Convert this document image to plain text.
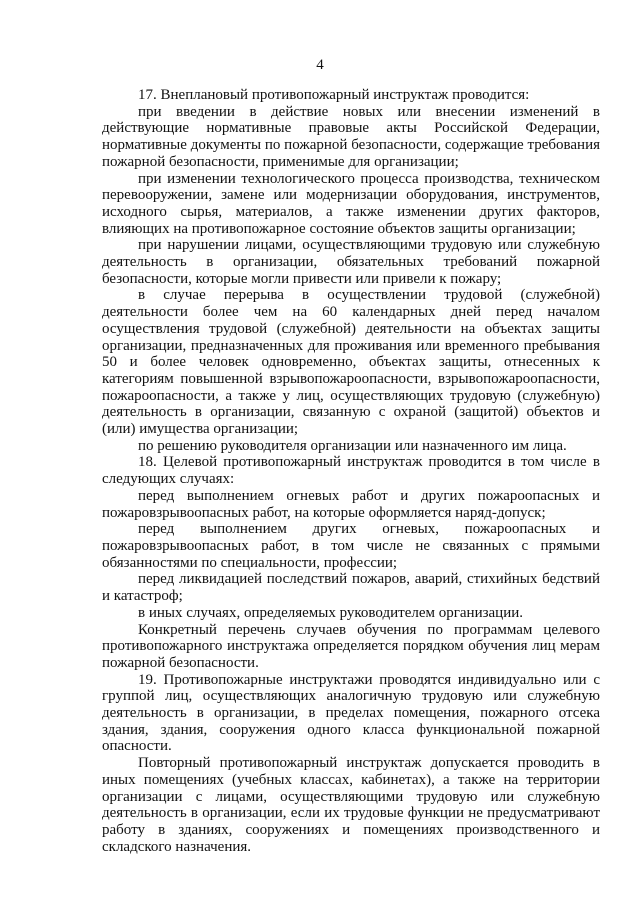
4

17. Внеплановый противопожарный инструктаж проводится:

при введении в действие новых или внесении изменений в действующие нормативные правовые акты Российской Федерации, нормативные документы по пожарной безопасности, содержащие требования пожарной безопасности, применимые для организации;

при изменении технологического процесса производства, техническом перевооружении, замене или модернизации оборудования, инструментов, исходного сырья, материалов, а также изменении других факторов, влияющих на противопожарное состояние объектов защиты организации;

при нарушении лицами, осуществляющими трудовую или служебную деятельность в организации, обязательных требований пожарной безопасности, которые могли привести или привели к пожару;

в случае перерыва в осуществлении трудовой (служебной) деятельности более чем на 60 календарных дней перед началом осуществления трудовой (служебной) деятельности на объектах защиты организации, предназначенных для проживания или временного пребывания 50 и более человек одновременно, объектах защиты, отнесенных к категориям повышенной взрывопожароопасности, взрывопожароопасности, пожароопасности, а также у лиц, осуществляющих трудовую (служебную) деятельность в организации, связанную с охраной (защитой) объектов и (или) имущества организации;

по решению руководителя организации или назначенного им лица.

18. Целевой противопожарный инструктаж проводится в том числе в следующих случаях:

перед выполнением огневых работ и других пожароопасных и пожаровзрывоопасных работ, на которые оформляется наряд-допуск;

перед выполнением других огневых, пожароопасных и пожаровзрывоопасных работ, в том числе не связанных с прямыми обязанностями по специальности, профессии;

перед ликвидацией последствий пожаров, аварий, стихийных бедствий и катастроф;

в иных случаях, определяемых руководителем организации.

Конкретный перечень случаев обучения по программам целевого противопожарного инструктажа определяется порядком обучения лиц мерам пожарной безопасности.

19. Противопожарные инструктажи проводятся индивидуально или с группой лиц, осуществляющих аналогичную трудовую или служебную деятельность в организации, в пределах помещения, пожарного отсека здания, здания, сооружения одного класса функциональной пожарной опасности.

Повторный противопожарный инструктаж допускается проводить в иных помещениях (учебных классах, кабинетах), а также на территории организации с лицами, осуществляющими трудовую или служебную деятельность в организации, если их трудовые функции не предусматривают работу в зданиях, сооружениях и помещениях производственного и складского назначения.
